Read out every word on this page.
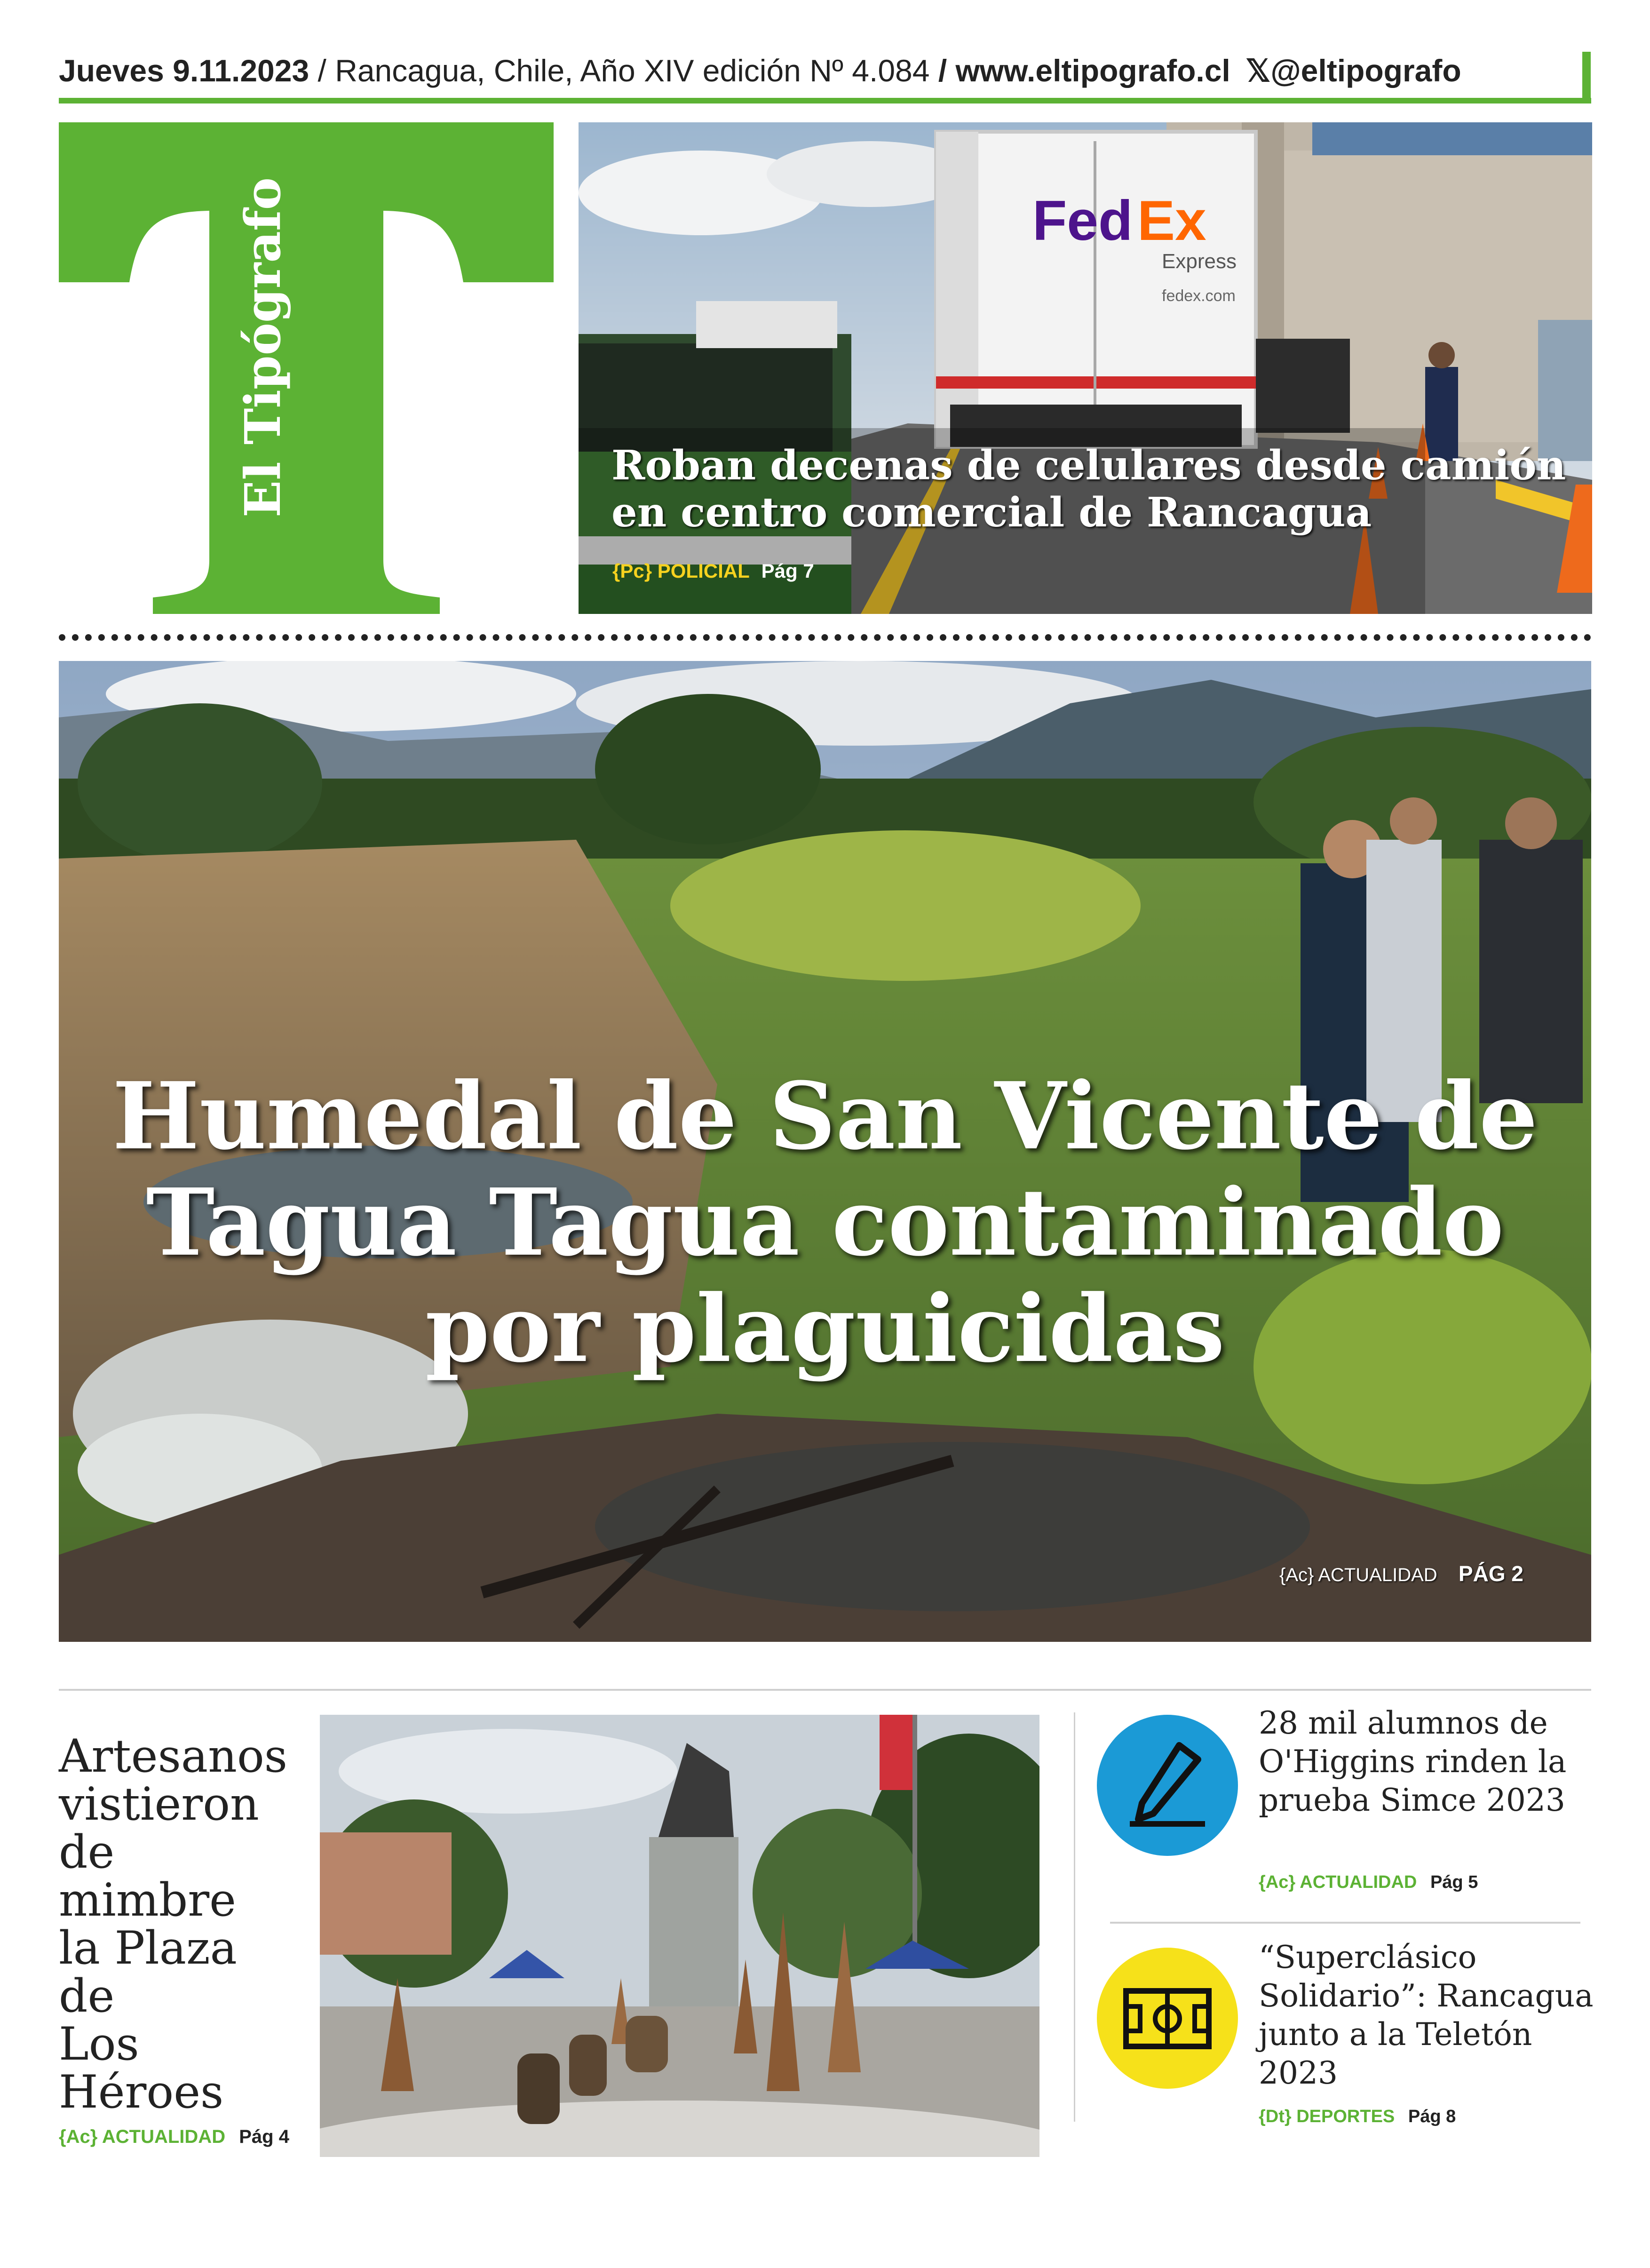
Jueves 9.11.2023 / Rancagua, Chile, Año XIV edición Nº 4.084 / www.eltipografo.cl 𝕏@eltipografo
El Tipógrafo	Fed Ex
Express
fedex.com
Roban decenas de celulares desde camión
en centro comercial de Rancagua
{Pc} POLICIAL Pág 7
Humedal de San Vicente de
Tagua Tagua contaminado
por plaguicidas
{Ac} ACTUALIDAD PÁG 2
Artesanos
vistieron
de mimbre
la Plaza de
Los Héroes
{Ac} ACTUALIDAD Pág 4
28 mil alumnos de
O'Higgins rinden la
prueba Simce 2023
{Ac} ACTUALIDAD Pág 5
“Superclásico
Solidario”: Rancagua
junto a la Teletón
2023
{Dt} DEPORTES Pág 8
